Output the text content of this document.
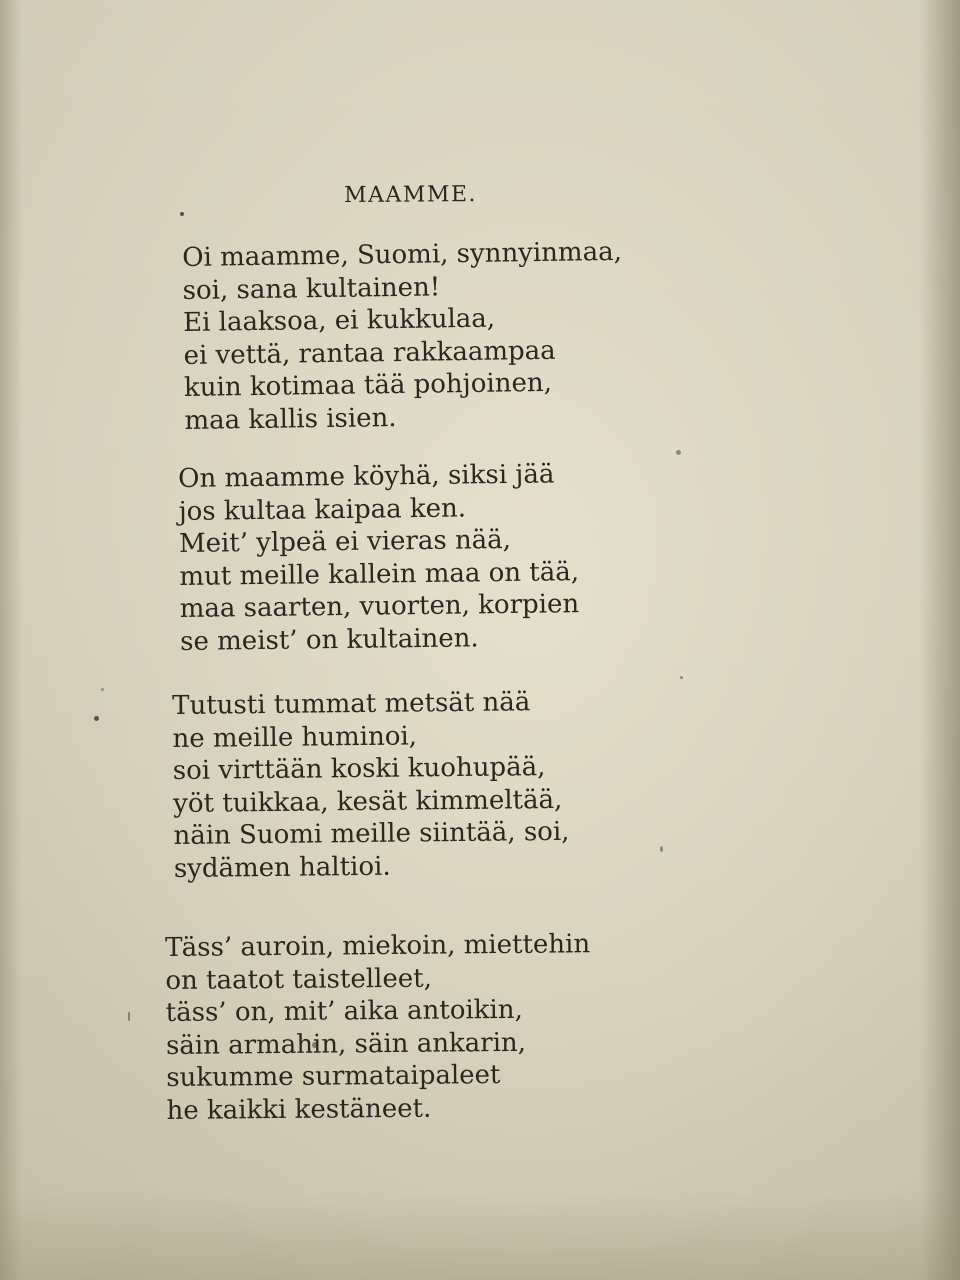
MAAMME.
Oi maamme, Suomi, synnyinmaa,
soi, sana kultainen!
Ei laaksoa, ei kukkulaa,
ei vettä, rantaa rakkaampaa
kuin kotimaa tää pohjoinen,
maa kallis isien.
On maamme köyhä, siksi jää
jos kultaa kaipaa ken.
Meit’ ylpeä ei vieras nää,
mut meille kallein maa on tää,
maa saarten, vuorten, korpien
se meist’ on kultainen.
Tutusti tummat metsät nää
ne meille huminoi,
soi virttään koski kuohupää,
yöt tuikkaa, kesät kimmeltää,
näin Suomi meille siintää, soi,
sydämen haltioi.
Täss’ auroin, miekoin, miettehin
on taatot taistelleet,
täss’ on, mit’ aika antoikin,
säin armahin, säin ankarin,
sukumme surmataipaleet
he kaikki kestäneet.
